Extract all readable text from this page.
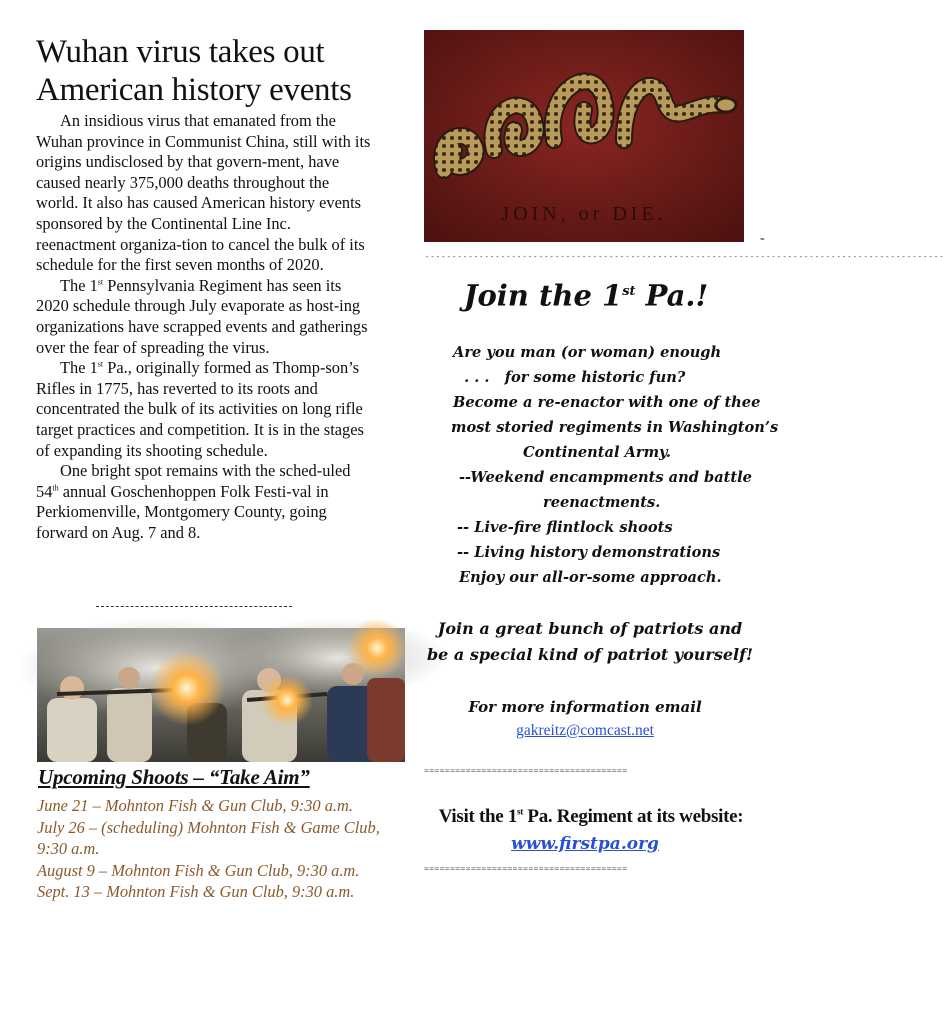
Wuhan virus takes out
American history events

An insidious virus that emanated from the Wuhan province in Communist China, still with its origins undisclosed by that govern-ment, have caused nearly 375,000 deaths throughout the world. It also has caused American history events sponsored by the Continental Line Inc. reenactment organiza-tion to cancel the bulk of its schedule for the first seven months of 2020.

The 1st Pennsylvania Regiment has seen its 2020 schedule through July evaporate as host-ing organizations have scrapped events and gatherings over the fear of spreading the virus.

The 1st Pa., originally formed as Thomp-son’s Rifles in 1775, has reverted to its roots and concentrated the bulk of its activities on long rifle target practices and competition. It is in the stages of expanding its shooting schedule.

One bright spot remains with the sched-uled 54th annual Goschenhoppen Folk Festi-val in Perkiomenville, Montgomery County, going forward on Aug. 7 and 8.

Upcoming Shoots – “Take Aim”

June 21 – Mohnton Fish & Gun Club, 9:30 a.m.

July 26 – (scheduling) Mohnton Fish & Game Club, 9:30 a.m.

August 9 – Mohnton Fish & Gun Club, 9:30 a.m.

Sept. 13 – Mohnton Fish & Gun Club, 9:30 a.m.

JOIN, or DIE.
-
------------------------------------------------------------------------------------------------
Join the 1st Pa.!
Are you man (or woman) enough
. . .   for some historic fun?
Become a re-enactor with one of thee
most storied regiments in Washington’s
Continental Army.
--Weekend encampments and battle
reenactments.
-- Live-fire flintlock shoots
-- Living history demonstrations
Enjoy our all-or-some approach.
Join a great bunch of patriots and
be a special kind of patriot yourself!
For more information email
gakreitz@comcast.net
=======================================
Visit the 1st Pa. Regiment at its website:
www.firstpa.org
=======================================
